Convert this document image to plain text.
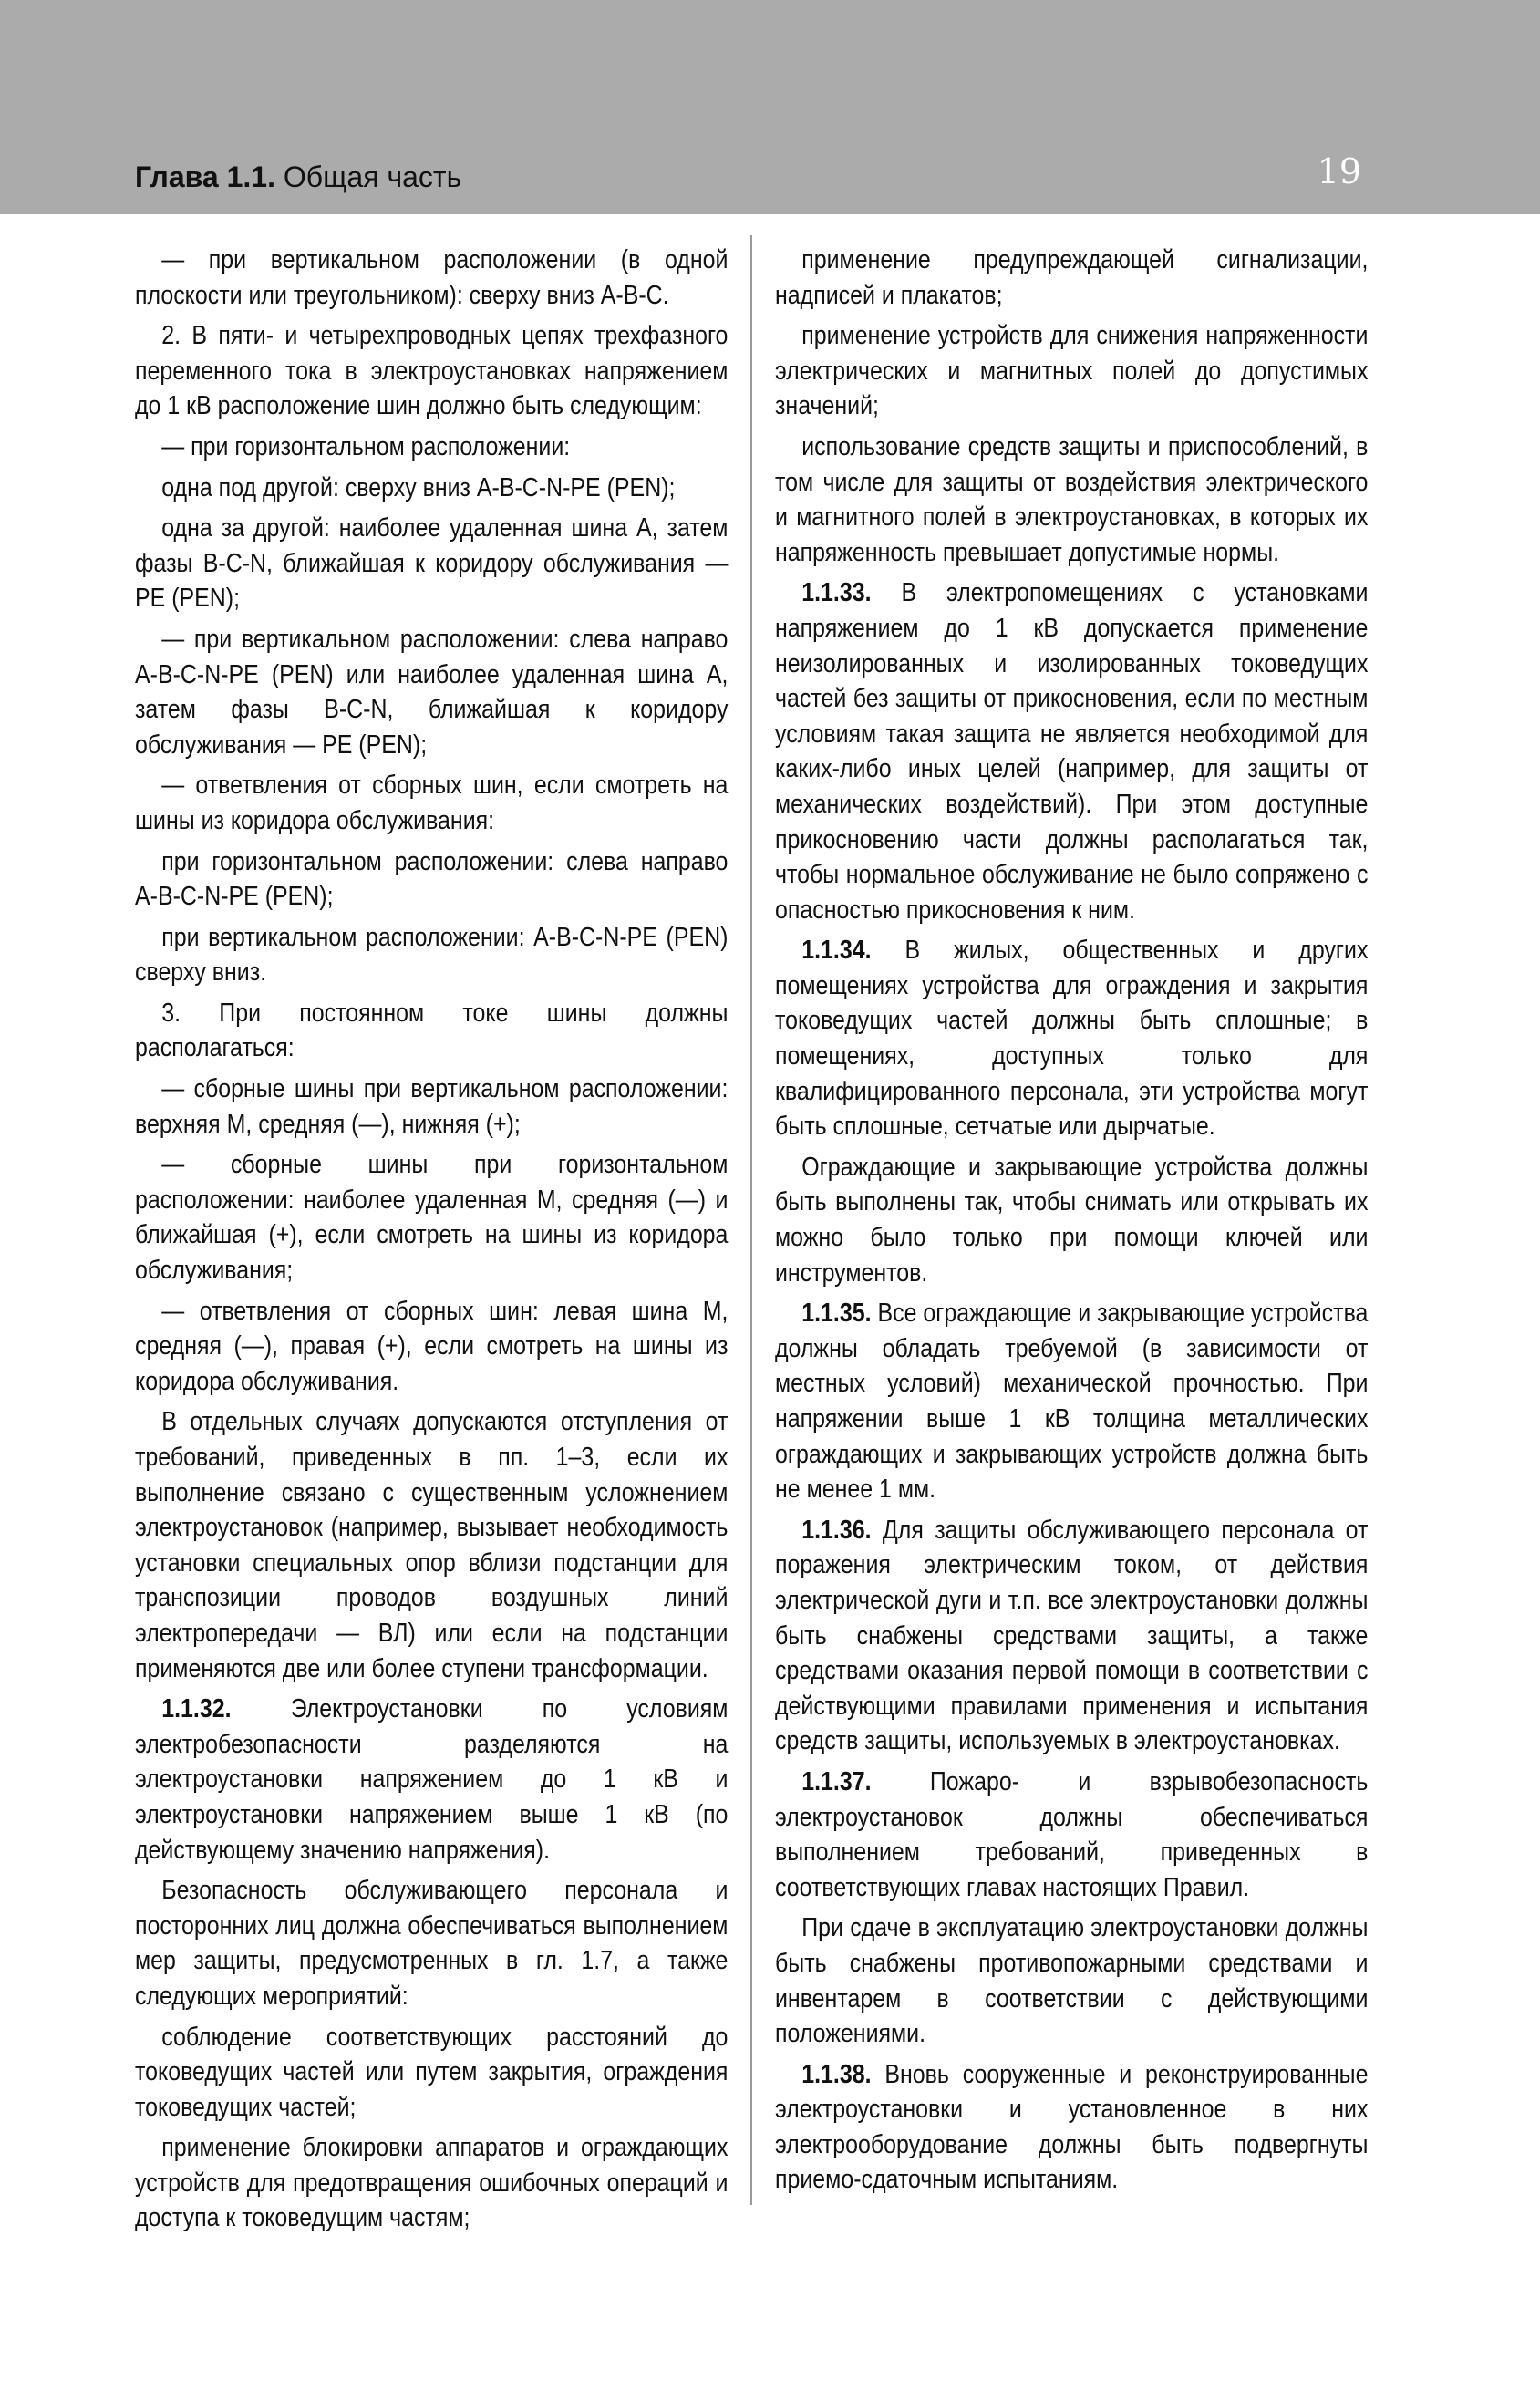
Глава 1.1. Общая часть	19

— при вертикальном расположении (в одной плоскости или треугольником): сверху вниз А-В-С.

2. В пяти- и четырехпроводных цепях трехфазного переменного тока в электроустановках напряжением до 1 кВ расположение шин должно быть следующим:

— при горизонтальном расположении:

одна под другой: сверху вниз A-B-C-N-PE (PEN);

одна за другой: наиболее удаленная шина А, затем фазы B-C-N, ближайшая к коридору обслуживания — РЕ (PEN);

— при вертикальном расположении: слева направо A-B-C-N-PE (PEN) или наиболее удаленная шина А, затем фазы B-C-N, ближайшая к коридору обслуживания — РЕ (PEN);

— ответвления от сборных шин, если смотреть на шины из коридора обслуживания:

при горизонтальном расположении: слева направо A-B-C-N-PE (PEN);

при вертикальном расположении: A-B-C-N-PE (PEN) сверху вниз.

3. При постоянном токе шины должны располагаться:

— сборные шины при вертикальном расположении: верхняя М, средняя (—), нижняя (+);

— сборные шины при горизонтальном расположении: наиболее удаленная М, средняя (—) и ближайшая (+), если смотреть на шины из коридора обслуживания;

— ответвления от сборных шин: левая шина М, средняя (—), правая (+), если смотреть на шины из коридора обслуживания.

В отдельных случаях допускаются отступления от требований, приведенных в пп. 1–3, если их выполнение связано с существенным усложнением электроустановок (например, вызывает необходимость установки специальных опор вблизи подстанции для транспозиции проводов воздушных линий электропередачи — ВЛ) или если на подстанции применяются две или более ступени трансформации.

1.1.32. Электроустановки по условиям электробезопасности разделяются на электроустановки напряжением до 1 кВ и электроустановки напряжением выше 1 кВ (по действующему значению напряжения).

Безопасность обслуживающего персонала и посторонних лиц должна обеспечиваться выполнением мер защиты, предусмотренных в гл. 1.7, а также следующих мероприятий:

соблюдение соответствующих расстояний до токоведущих частей или путем закрытия, ограждения токоведущих частей;

применение блокировки аппаратов и ограждающих устройств для предотвращения ошибочных операций и доступа к токоведущим частям;

применение предупреждающей сигнализации, надписей и плакатов;

применение устройств для снижения напряженности электрических и магнитных полей до допустимых значений;

использование средств защиты и приспособлений, в том числе для защиты от воздействия электрического и магнитного полей в электроустановках, в которых их напряженность превышает допустимые нормы.

1.1.33. В электропомещениях с установками напряжением до 1 кВ допускается применение неизолированных и изолированных токоведущих частей без защиты от прикосновения, если по местным условиям такая защита не является необходимой для каких-либо иных целей (например, для защиты от механических воздействий). При этом доступные прикосновению части должны располагаться так, чтобы нормальное обслуживание не было сопряжено с опасностью прикосновения к ним.

1.1.34. В жилых, общественных и других помещениях устройства для ограждения и закрытия токоведущих частей должны быть сплошные; в помещениях, доступных только для квалифицированного персонала, эти устройства могут быть сплошные, сетчатые или дырчатые.

Ограждающие и закрывающие устройства должны быть выполнены так, чтобы снимать или открывать их можно было только при помощи ключей или инструментов.

1.1.35. Все ограждающие и закрывающие устройства должны обладать требуемой (в зависимости от местных условий) механической прочностью. При напряжении выше 1 кВ толщина металлических ограждающих и закрывающих устройств должна быть не менее 1 мм.

1.1.36. Для защиты обслуживающего персонала от поражения электрическим током, от действия электрической дуги и т.п. все электроустановки должны быть снабжены средствами защиты, а также средствами оказания первой помощи в соответствии с действующими правилами применения и испытания средств защиты, используемых в электроустановках.

1.1.37. Пожаро- и взрывобезопасность электроустановок должны обеспечиваться выполнением требований, приведенных в соответствующих главах настоящих Правил.

При сдаче в эксплуатацию электроустановки должны быть снабжены противопожарными средствами и инвентарем в соответствии с действующими положениями.

1.1.38. Вновь сооруженные и реконструированные электроустановки и установленное в них электрооборудование должны быть подвергнуты приемо-сдаточным испытаниям.
